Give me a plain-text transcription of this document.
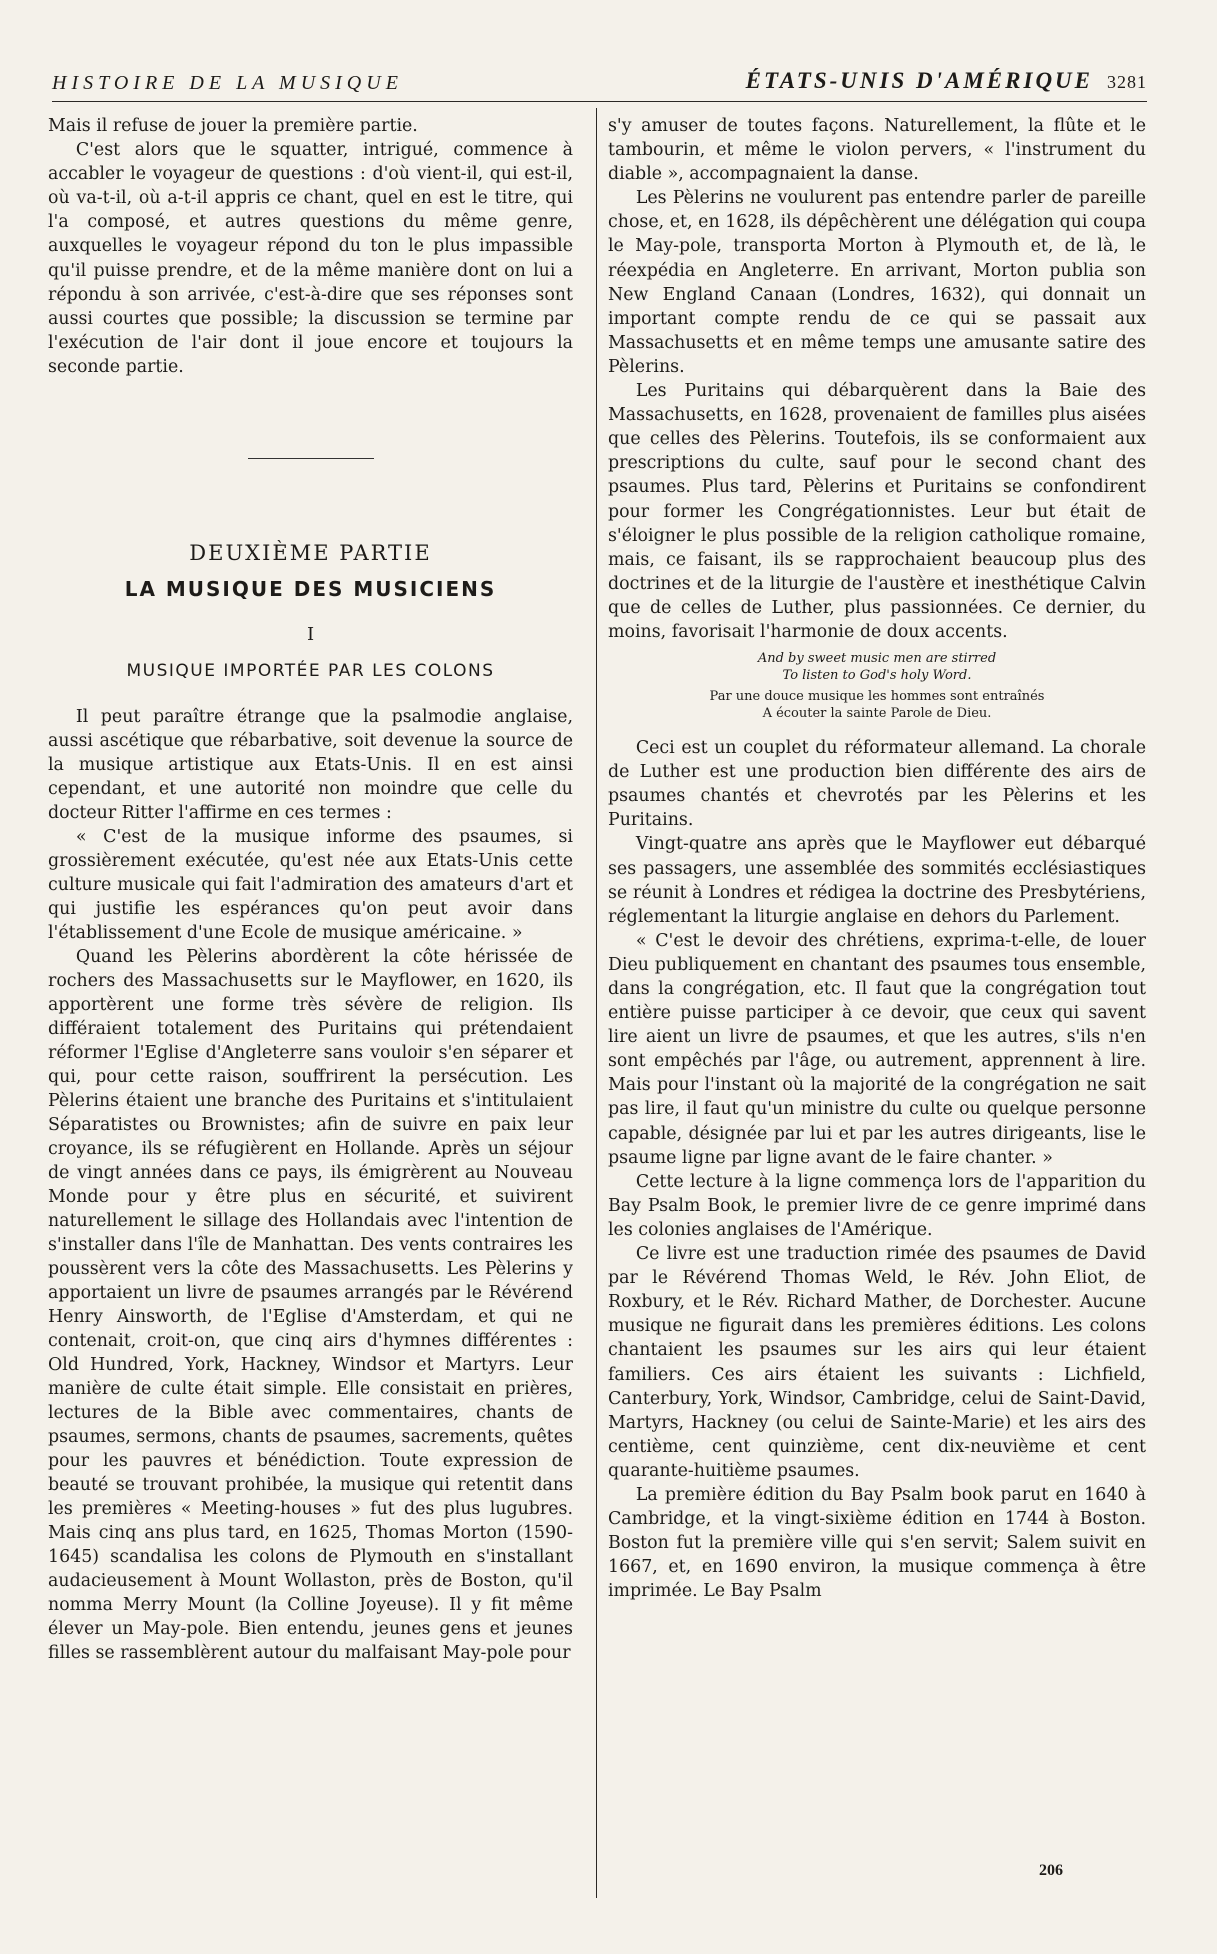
HISTOIRE DE LA MUSIQUE	ÉTATS-UNIS D'AMÉRIQUE 3281

Mais il refuse de jouer la première partie.

C'est alors que le squatter, intrigué, commence à accabler le voyageur de questions : d'où vient-il, qui est-il, où va-t-il, où a-t-il appris ce chant, quel en est le titre, qui l'a composé, et autres questions du même genre, auxquelles le voyageur répond du ton le plus impassible qu'il puisse prendre, et de la même manière dont on lui a répondu à son arrivée, c'est-à-dire que ses réponses sont aussi courtes que possible; la discussion se termine par l'exécution de l'air dont il joue encore et toujours la seconde partie.

DEUXIÈME PARTIE

LA MUSIQUE DES MUSICIENS

I

MUSIQUE IMPORTÉE PAR LES COLONS

Il peut paraître étrange que la psalmodie anglaise, aussi ascétique que rébarbative, soit devenue la source de la musique artistique aux Etats-Unis. Il en est ainsi cependant, et une autorité non moindre que celle du docteur Ritter l'affirme en ces termes :

« C'est de la musique informe des psaumes, si grossièrement exécutée, qu'est née aux Etats-Unis cette culture musicale qui fait l'admiration des amateurs d'art et qui justifie les espérances qu'on peut avoir dans l'établissement d'une Ecole de musique américaine. »

Quand les Pèlerins abordèrent la côte hérissée de rochers des Massachusetts sur le Mayflower, en 1620, ils apportèrent une forme très sévère de religion. Ils différaient totalement des Puritains qui prétendaient réformer l'Eglise d'Angleterre sans vouloir s'en séparer et qui, pour cette raison, souffrirent la persécution. Les Pèlerins étaient une branche des Puritains et s'intitulaient Séparatistes ou Brownistes; afin de suivre en paix leur croyance, ils se réfugièrent en Hollande. Après un séjour de vingt années dans ce pays, ils émigrèrent au Nouveau Monde pour y être plus en sécurité, et suivirent naturellement le sillage des Hollandais avec l'intention de s'installer dans l'île de Manhattan. Des vents contraires les poussèrent vers la côte des Massachusetts. Les Pèlerins y apportaient un livre de psaumes arrangés par le Révérend Henry Ainsworth, de l'Eglise d'Amsterdam, et qui ne contenait, croit-on, que cinq airs d'hymnes différentes : Old Hundred, York, Hackney, Windsor et Martyrs. Leur manière de culte était simple. Elle consistait en prières, lectures de la Bible avec commentaires, chants de psaumes, sermons, chants de psaumes, sacrements, quêtes pour les pauvres et bénédiction. Toute expression de beauté se trouvant prohibée, la musique qui retentit dans les premières « Meeting-houses » fut des plus lugubres. Mais cinq ans plus tard, en 1625, Thomas Morton (1590-1645) scandalisa les colons de Plymouth en s'installant audacieusement à Mount Wollaston, près de Boston, qu'il nomma Merry Mount (la Colline Joyeuse). Il y fit même élever un May-pole. Bien entendu, jeunes gens et jeunes filles se rassemblèrent autour du malfaisant May-pole pour

s'y amuser de toutes façons. Naturellement, la flûte et le tambourin, et même le violon pervers, « l'instrument du diable », accompagnaient la danse.

Les Pèlerins ne voulurent pas entendre parler de pareille chose, et, en 1628, ils dépêchèrent une délégation qui coupa le May-pole, transporta Morton à Plymouth et, de là, le réexpédia en Angleterre. En arrivant, Morton publia son New England Canaan (Londres, 1632), qui donnait un important compte rendu de ce qui se passait aux Massachusetts et en même temps une amusante satire des Pèlerins.

Les Puritains qui débarquèrent dans la Baie des Massachusetts, en 1628, provenaient de familles plus aisées que celles des Pèlerins. Toutefois, ils se conformaient aux prescriptions du culte, sauf pour le second chant des psaumes. Plus tard, Pèlerins et Puritains se confondirent pour former les Congrégationnistes. Leur but était de s'éloigner le plus possible de la religion catholique romaine, mais, ce faisant, ils se rapprochaient beaucoup plus des doctrines et de la liturgie de l'austère et inesthétique Calvin que de celles de Luther, plus passionnées. Ce dernier, du moins, favorisait l'harmonie de doux accents.

And by sweet music men are stirred
To listen to God's holy Word.
Par une douce musique les hommes sont entraînés
A écouter la sainte Parole de Dieu.

Ceci est un couplet du réformateur allemand. La chorale de Luther est une production bien différente des airs de psaumes chantés et chevrotés par les Pèlerins et les Puritains.

Vingt-quatre ans après que le Mayflower eut débarqué ses passagers, une assemblée des sommités ecclésiastiques se réunit à Londres et rédigea la doctrine des Presbytériens, réglementant la liturgie anglaise en dehors du Parlement.

« C'est le devoir des chrétiens, exprima-t-elle, de louer Dieu publiquement en chantant des psaumes tous ensemble, dans la congrégation, etc. Il faut que la congrégation tout entière puisse participer à ce devoir, que ceux qui savent lire aient un livre de psaumes, et que les autres, s'ils n'en sont empêchés par l'âge, ou autrement, apprennent à lire. Mais pour l'instant où la majorité de la congrégation ne sait pas lire, il faut qu'un ministre du culte ou quelque personne capable, désignée par lui et par les autres dirigeants, lise le psaume ligne par ligne avant de le faire chanter. »

Cette lecture à la ligne commença lors de l'apparition du Bay Psalm Book, le premier livre de ce genre imprimé dans les colonies anglaises de l'Amérique.

Ce livre est une traduction rimée des psaumes de David par le Révérend Thomas Weld, le Rév. John Eliot, de Roxbury, et le Rév. Richard Mather, de Dorchester. Aucune musique ne figurait dans les premières éditions. Les colons chantaient les psaumes sur les airs qui leur étaient familiers. Ces airs étaient les suivants : Lichfield, Canterbury, York, Windsor, Cambridge, celui de Saint-David, Martyrs, Hackney (ou celui de Sainte-Marie) et les airs des centième, cent quinzième, cent dix-neuvième et cent quarante-huitième psaumes.

La première édition du Bay Psalm book parut en 1640 à Cambridge, et la vingt-sixième édition en 1744 à Boston. Boston fut la première ville qui s'en servit; Salem suivit en 1667, et, en 1690 environ, la musique commença à être imprimée. Le Bay Psalm

206
